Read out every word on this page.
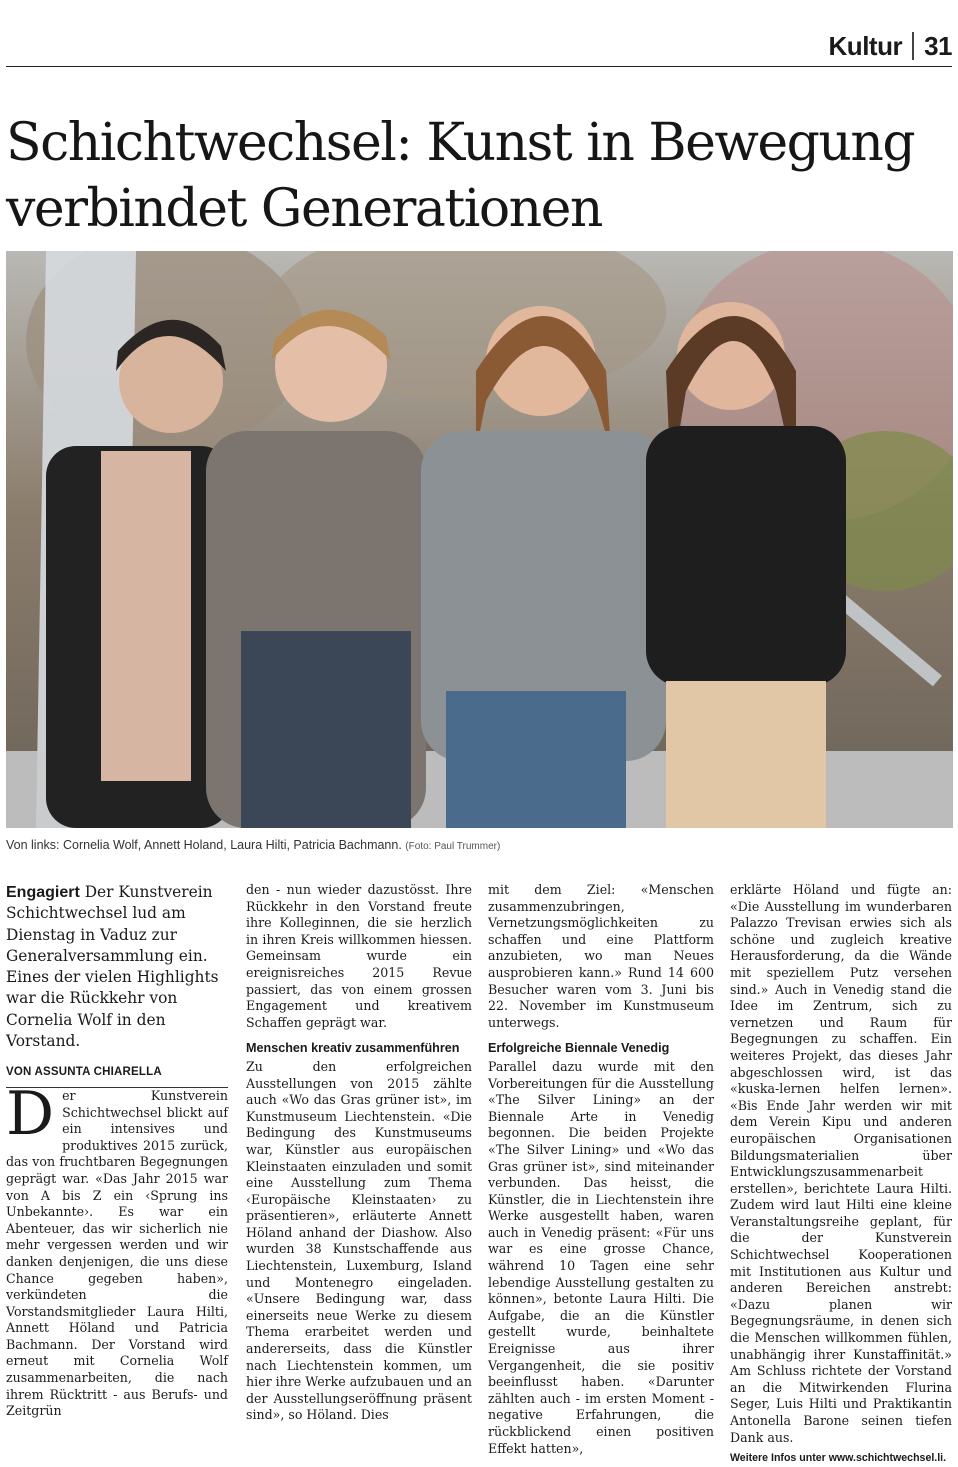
Kultur 31
Schichtwechsel: Kunst in Bewegung verbindet Generationen
Von links: Cornelia Wolf, Annett Holand, Laura Hilti, Patricia Bachmann. (Foto: Paul Trummer)

Engagiert Der Kunstverein Schichtwechsel lud am Dienstag in Vaduz zur Generalversammlung ein. Eines der vielen Highlights war die Rückkehr von Cornelia Wolf in den Vorstand.

VON ASSUNTA CHIARELLA

Der Kunstverein Schichtwechsel blickt auf ein intensives und produktives 2015 zurück, das von fruchtbaren Begegnungen geprägt war. «Das Jahr 2015 war von A bis Z ein ‹Sprung ins Unbekannte›. Es war ein Abenteuer, das wir sicherlich nie mehr vergessen werden und wir danken denjenigen, die uns diese Chance gegeben haben», verkündeten die Vorstandsmitglieder Laura Hilti, Annett Höland und Patricia Bachmann. Der Vorstand wird erneut mit Cornelia Wolf zusammenarbeiten, die nach ihrem Rücktritt - aus Berufs- und Zeitgrün

den - nun wieder dazustösst. Ihre Rückkehr in den Vorstand freute ihre Kolleginnen, die sie herzlich in ihren Kreis willkommen hiessen. Gemeinsam wurde ein ereignisreiches 2015 Revue passiert, das von einem grossen Engagement und kreativem Schaffen geprägt war.

Menschen kreativ zusammenführen

Zu den erfolgreichen Ausstellungen von 2015 zählte auch «Wo das Gras grüner ist», im Kunstmuseum Liechtenstein. «Die Bedingung des Kunstmuseums war, Künstler aus europäischen Kleinstaaten einzuladen und somit eine Ausstellung zum Thema ‹Europäische Kleinstaaten› zu präsentieren», erläuterte Annett Höland anhand der Diashow. Also wurden 38 Kunstschaffende aus Liechtenstein, Luxemburg, Island und Montenegro eingeladen. «Unsere Bedingung war, dass einerseits neue Werke zu diesem Thema erarbeitet werden und andererseits, dass die Künstler nach Liechtenstein kommen, um hier ihre Werke aufzubauen und an der Ausstellungseröffnung präsent sind», so Höland. Dies

mit dem Ziel: «Menschen zusammenzubringen, Vernetzungsmöglichkeiten zu schaffen und eine Plattform anzubieten, wo man Neues ausprobieren kann.» Rund 14 600 Besucher waren vom 3. Juni bis 22. November im Kunstmuseum unterwegs.

Erfolgreiche Biennale Venedig

Parallel dazu wurde mit den Vorbereitungen für die Ausstellung «The Silver Lining» an der Biennale Arte in Venedig begonnen. Die beiden Projekte «The Silver Lining» und «Wo das Gras grüner ist», sind miteinander verbunden. Das heisst, die Künstler, die in Liechtenstein ihre Werke ausgestellt haben, waren auch in Venedig präsent: «Für uns war es eine grosse Chance, während 10 Tagen eine sehr lebendige Ausstellung gestalten zu können», betonte Laura Hilti. Die Aufgabe, die an die Künstler gestellt wurde, beinhaltete Ereignisse aus ihrer Vergangenheit, die sie positiv beeinflusst haben. «Darunter zählten auch - im ersten Moment - negative Erfahrungen, die rückblickend einen positiven Effekt hatten»,

erklärte Höland und fügte an: «Die Ausstellung im wunderbaren Palazzo Trevisan erwies sich als schöne und zugleich kreative Herausforderung, da die Wände mit speziellem Putz versehen sind.» Auch in Venedig stand die Idee im Zentrum, sich zu vernetzen und Raum für Begegnungen zu schaffen. Ein weiteres Projekt, das dieses Jahr abgeschlossen wird, ist das «kuska-lernen helfen lernen». «Bis Ende Jahr werden wir mit dem Verein Kipu und anderen europäischen Organisationen Bildungsmaterialien über Entwicklungszusammenarbeit erstellen», berichtete Laura Hilti. Zudem wird laut Hilti eine kleine Veranstaltungsreihe geplant, für die der Kunstverein Schichtwechsel Kooperationen mit Institutionen aus Kultur und anderen Bereichen anstrebt: «Dazu planen wir Begegnungsräume, in denen sich die Menschen willkommen fühlen, unabhängig ihrer Kunstaffinität.» Am Schluss richtete der Vorstand an die Mitwirkenden Flurina Seger, Luis Hilti und Praktikantin Antonella Barone seinen tiefen Dank aus.

Weitere Infos unter www.schichtwechsel.li.
